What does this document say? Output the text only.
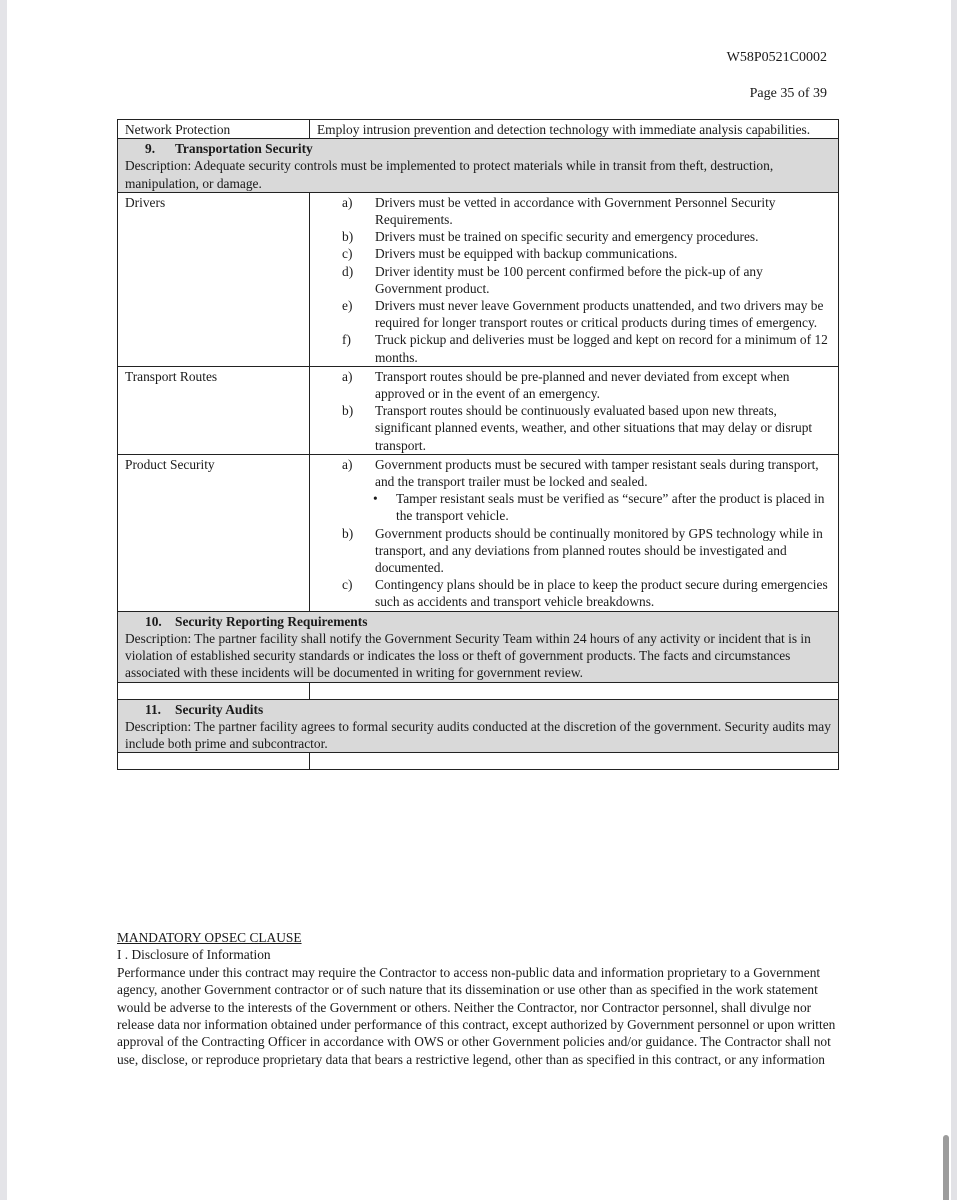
W58P0521C0002
Page 35 of 39
Network Protection	Employ intrusion prevention and detection technology with immediate analysis capabilities.

9. Transportation Security
Description: Adequate security controls must be implemented to protect materials while in transit from theft, destruction, manipulation, or damage.	

Drivers	a) Drivers must be vetted in accordance with Government Personnel Security Requirements.
b) Drivers must be trained on specific security and emergency procedures.
c) Drivers must be equipped with backup communications.
d) Driver identity must be 100 percent confirmed before the pick-up of any Government product.
e) Drivers must never leave Government products unattended, and two drivers may be required for longer transport routes or critical products during times of emergency.
f) Truck pickup and deliveries must be logged and kept on record for a minimum of 12 months.

Transport Routes	a) Transport routes should be pre-planned and never deviated from except when approved or in the event of an emergency.
b) Transport routes should be continuously evaluated based upon new threats, significant planned events, weather, and other situations that may delay or disrupt transport.

Product Security	a) Government products must be secured with tamper resistant seals during transport, and the transport trailer must be locked and sealed.
• Tamper resistant seals must be verified as “secure” after the product is placed in the transport vehicle.
b) Government products should be continually monitored by GPS technology while in transport, and any deviations from planned routes should be investigated and documented.
c) Contingency plans should be in place to keep the product secure during emergencies such as accidents and transport vehicle breakdowns.

10. Security Reporting Requirements
Description: The partner facility shall notify the Government Security Team within 24 hours of any activity or incident that is in violation of established security standards or indicates the loss or theft of government products. The facts and circumstances associated with these incidents will be documented in writing for government review.	

11. Security Audits
Description: The partner facility agrees to formal security audits conducted at the discretion of the government. Security audits may include both prime and subcontractor.	

MANDATORY OPSEC CLAUSE
I . Disclosure of Information

Performance under this contract may require the Contractor to access non-public data and information proprietary to a Government agency, another Government contractor or of such nature that its dissemination or use other than as specified in the work statement would be adverse to the interests of the Government or others. Neither the Contractor, nor Contractor personnel, shall divulge nor release data nor information obtained under performance of this contract, except authorized by Government personnel or upon written approval of the Contracting Officer in accordance with OWS or other Government policies and/or guidance. The Contractor shall not use, disclose, or reproduce proprietary data that bears a restrictive legend, other than as specified in this contract, or any information
